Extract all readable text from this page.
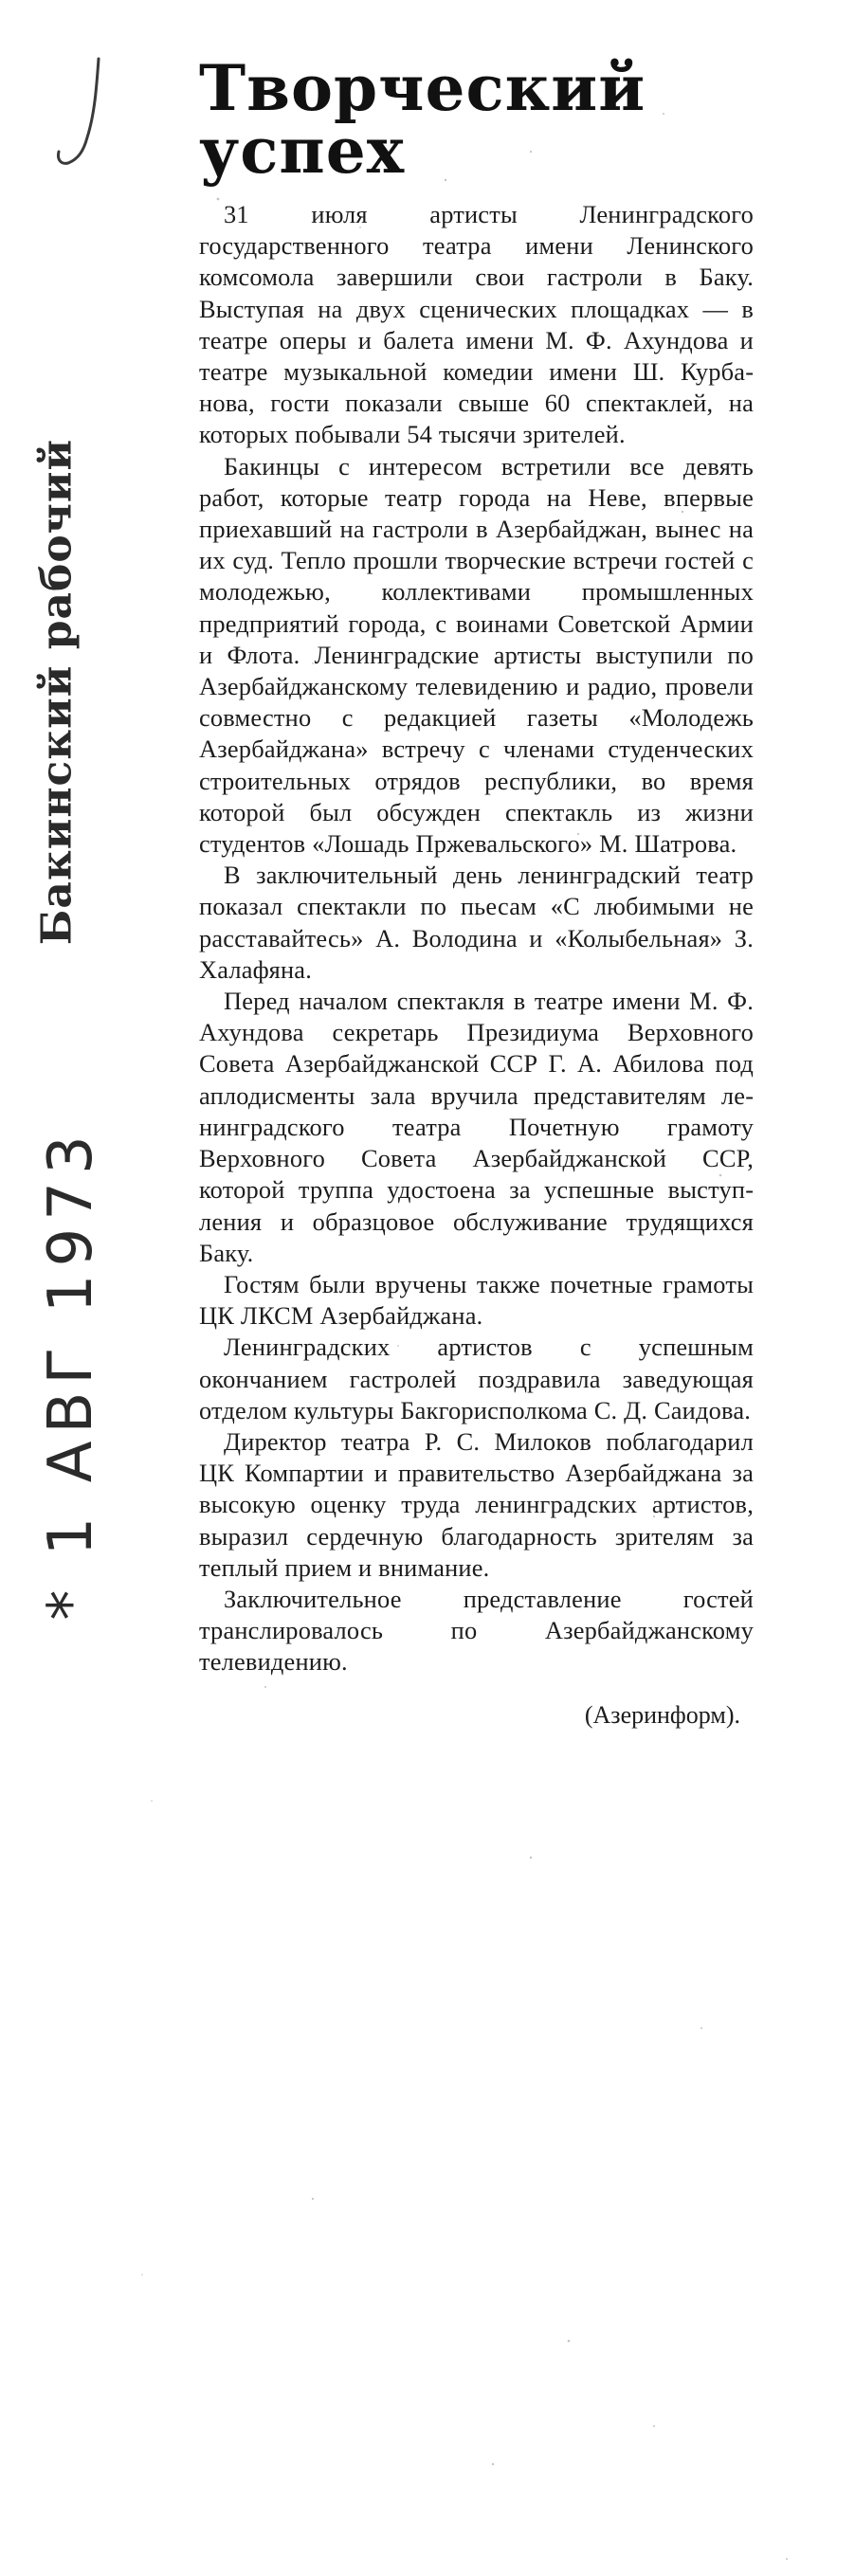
Бакинский рабочий
* 1 АВГ 1973
Творческий успех

31 июля артисты Ленинградского государственного театра имени Ленинского комсомола завершили свои гастроли в Баку. Выступая на двух сценических площадках — в театре оперы и балета имени М. Ф. Ахундова и театре музыкальной комедии имени Ш. Курбанова, гости показали свыше 60 спектаклей, на которых побывали 54 тысячи зрителей.

Бакинцы с интересом встретили все девять работ, которые театр города на Неве, впервые приехавший на гастроли в Азербайджан, вынес на их суд. Тепло прошли творческие встречи гостей с молодежью, коллективами промышленных предприятий города, с воинами Советской Армии и Флота. Ленинградские артисты выступили по Азербайджанскому телевидению и радио, провели совместно с редакцией газеты «Молодежь Азербайджана» встречу с членами студенческих строительных отрядов республики, во время которой был обсужден спектакль из жизни студентов «Лошадь Пржевальского» М. Шатрова.

В заключительный день ленинградский театр показал спектакли по пьесам «С любимыми не расставайтесь» А. Володина и «Колыбельная» З. Халафяна.

Перед началом спектакля в театре имени М. Ф. Ахундова секретарь Президиума Верховного Совета Азербайджанской ССР Г. А. Абилова под аплодисменты зала вручила представителям ленинградского театра Почетную грамоту Верховного Совета Азербайджанской ССР, которой труппа удостоена за успешные выступления и образцовое обслуживание трудящихся Баку.

Гостям были вручены также почетные грамоты ЦК ЛКСМ Азербайджана.

Ленинградских артистов с успешным окончанием гастролей поздравила заведующая отделом культуры Бакгорисполкома С. Д. Саидова.

Директор театра Р. С. Милоков поблагодарил ЦК Компартии и правительство Азербайджана за высокую оценку труда ленинградских артистов, выразил сердечную благодарность зрителям за теплый прием и внимание.

Заключительное представление гостей транслировалось по Азербайджанскому телевидению.

(Азеринформ).
